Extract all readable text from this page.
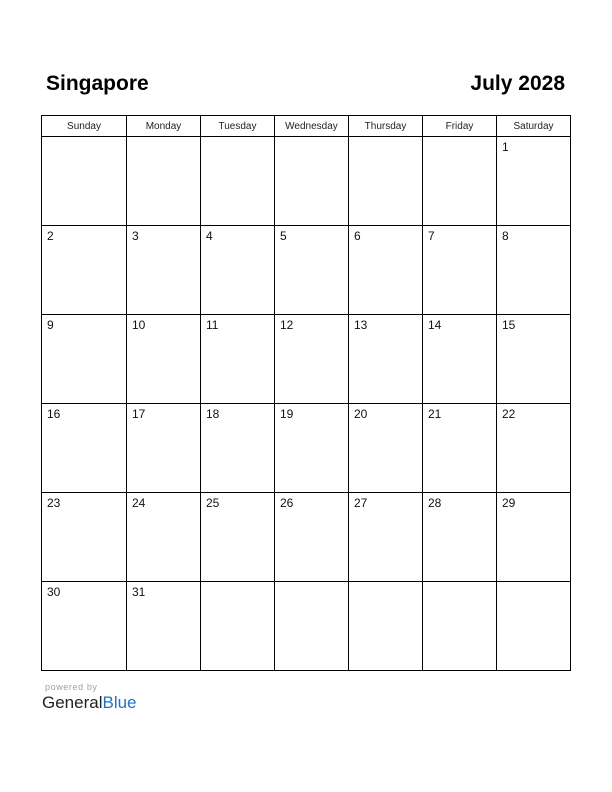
Singapore	July 2028
Sunday	Monday	Tuesday	Wednesday	Thursday	Friday	Saturday

						1

2	3	4	5	6	7	8

9	10	11	12	13	14	15

16	17	18	19	20	21	22

23	24	25	26	27	28	29

30	31					

powered by
GeneralBlue
